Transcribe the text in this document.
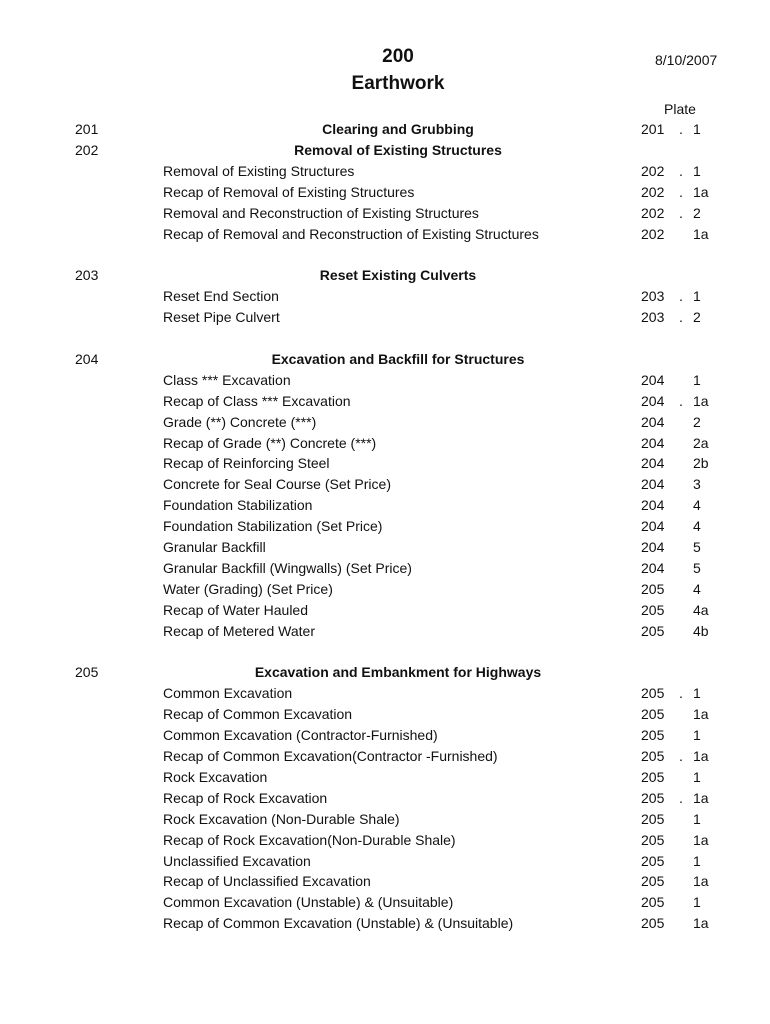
200
Earthwork
8/10/2007
Plate
201	Clearing and Grubbing	201 . 1
202	Removal of Existing Structures
Removal of Existing Structures	202 . 1
Recap of Removal of Existing Structures	202 . 1a
Removal and Reconstruction of Existing Structures	202 . 2
Recap of Removal and Reconstruction of Existing Structures	202 1a
203	Reset Existing Culverts
Reset End Section	203 . 1
Reset Pipe Culvert	203 . 2
204	Excavation and Backfill for Structures
Class *** Excavation	204 1
Recap of Class *** Excavation	204 . 1a
Grade (**) Concrete (***)	204 2
Recap of Grade (**) Concrete (***)	204 2a
Recap of Reinforcing Steel	204 2b
Concrete for Seal Course (Set Price)	204 3
Foundation Stabilization	204 4
Foundation Stabilization (Set Price)	204 4
Granular Backfill	204 5
Granular Backfill (Wingwalls) (Set Price)	204 5
Water (Grading) (Set Price)	205 4
Recap of Water Hauled	205 4a
Recap of Metered Water	205 4b
205	Excavation and Embankment for Highways
Common Excavation	205 . 1
Recap of Common Excavation	205 1a
Common Excavation (Contractor-Furnished)	205 1
Recap of Common Excavation(Contractor -Furnished)	205 . 1a
Rock Excavation	205 1
Recap of Rock Excavation	205 . 1a
Rock Excavation (Non-Durable Shale)	205 1
Recap of Rock Excavation(Non-Durable Shale)	205 1a
Unclassified Excavation	205 1
Recap of Unclassified Excavation	205 1a
Common Excavation (Unstable) & (Unsuitable)	205 1
Recap of Common Excavation (Unstable) & (Unsuitable)	205 1a
